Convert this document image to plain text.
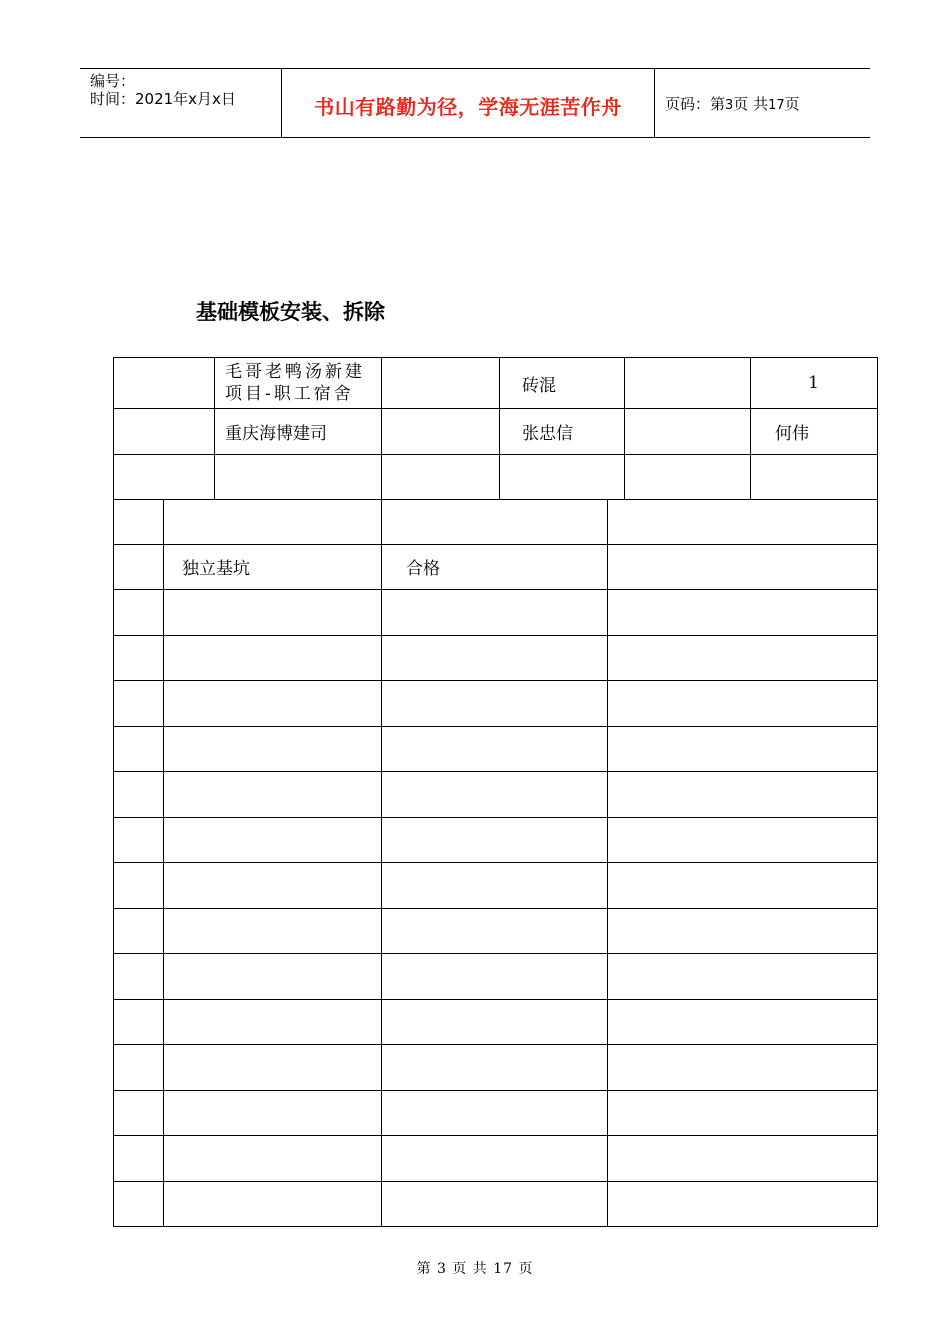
编号：
时间：2021年x月x日	书山有路勤为径，学海无涯苦作舟	页码：第3页 共17页
基础模板安装、拆除
	毛哥老鸭汤新建项目-职工宿舍		砖混		1
	重庆海博建司		张忠信		何伟

	独立基坑	合格	

第 3 页 共 17 页
